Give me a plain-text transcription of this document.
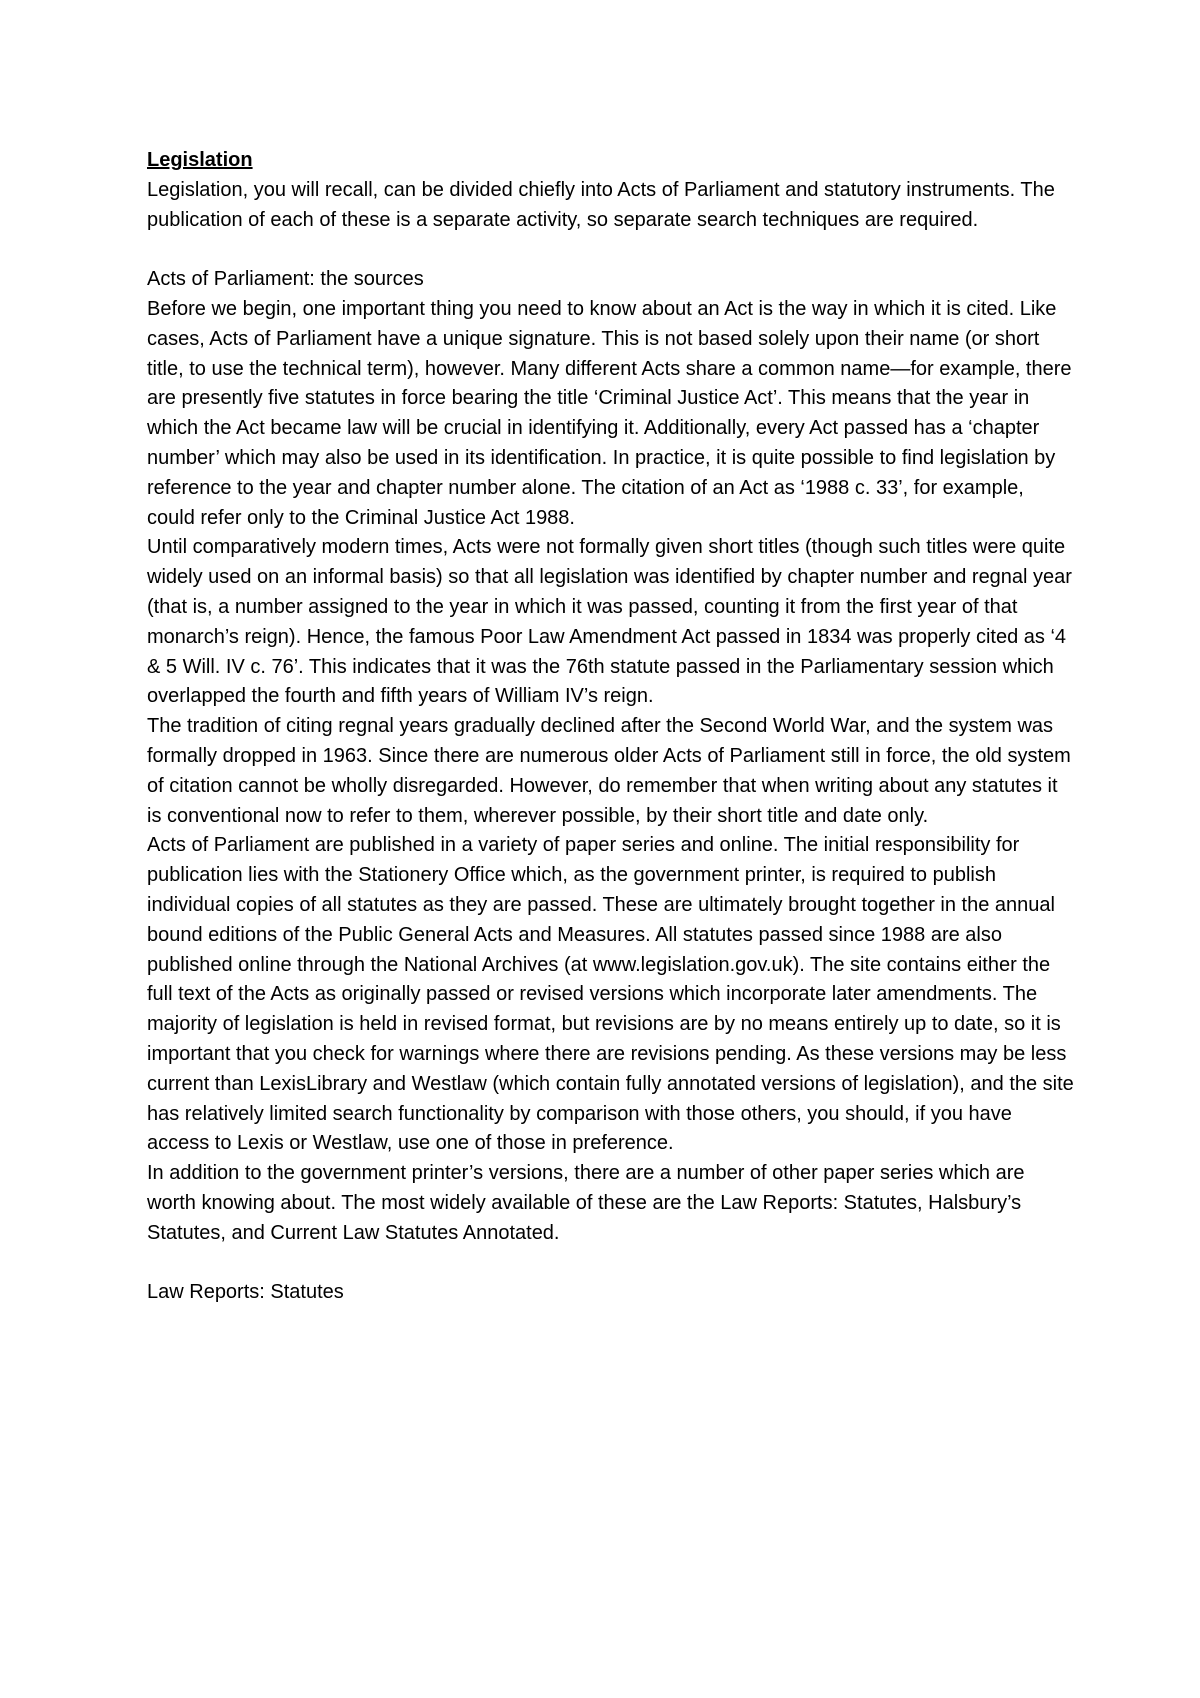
Legislation

Legislation, you will recall, can be divided chiefly into Acts of Parliament and statutory instruments. The publication of each of these is a separate activity, so separate search techniques are required.

Acts of Parliament: the sources

Before we begin, one important thing you need to know about an Act is the way in which it is cited. Like cases, Acts of Parliament have a unique signature. This is not based solely upon their name (or short title, to use the technical term), however. Many different Acts share a common name—for example, there are presently five statutes in force bearing the title ‘Criminal Justice Act’. This means that the year in which the Act became law will be crucial in identifying it. Additionally, every Act passed has a ‘chapter number’ which may also be used in its identification. In practice, it is quite possible to find legislation by reference to the year and chapter number alone. The citation of an Act as ‘1988 c. 33’, for example, could refer only to the Criminal Justice Act 1988.

Until comparatively modern times, Acts were not formally given short titles (though such titles were quite widely used on an informal basis) so that all legislation was identified by chapter number and regnal year (that is, a number assigned to the year in which it was passed, counting it from the first year of that monarch’s reign). Hence, the famous Poor Law Amendment Act passed in 1834 was properly cited as ‘4 & 5 Will. IV c. 76’. This indicates that it was the 76th statute passed in the Parliamentary session which overlapped the fourth and fifth years of William IV’s reign.

The tradition of citing regnal years gradually declined after the Second World War, and the system was formally dropped in 1963. Since there are numerous older Acts of Parliament still in force, the old system of citation cannot be wholly disregarded. However, do remember that when writing about any statutes it is conventional now to refer to them, wherever possible, by their short title and date only.

Acts of Parliament are published in a variety of paper series and online. The initial responsibility for publication lies with the Stationery Office which, as the government printer, is required to publish individual copies of all statutes as they are passed. These are ultimately brought together in the annual bound editions of the Public General Acts and Measures. All statutes passed since 1988 are also published online through the National Archives (at www.legislation.gov.uk). The site contains either the full text of the Acts as originally passed or revised versions which incorporate later amendments. The majority of legislation is held in revised format, but revisions are by no means entirely up to date, so it is important that you check for warnings where there are revisions pending. As these versions may be less current than LexisLibrary and Westlaw (which contain fully annotated versions of legislation), and the site has relatively limited search functionality by comparison with those others, you should, if you have access to Lexis or Westlaw, use one of those in preference.

In addition to the government printer’s versions, there are a number of other paper series which are worth knowing about. The most widely available of these are the Law Reports: Statutes, Halsbury’s Statutes, and Current Law Statutes Annotated.

Law Reports: Statutes
